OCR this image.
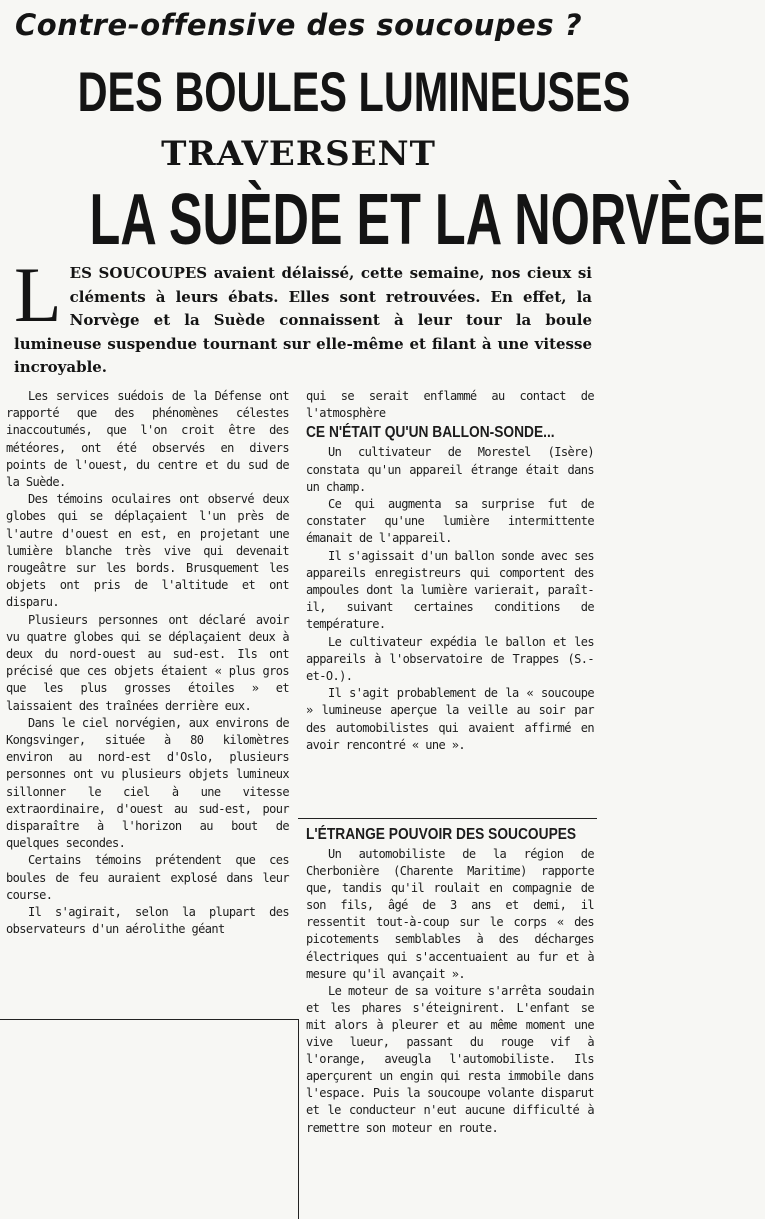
Contre-offensive des soucoupes ?
DES BOULES LUMINEUSES
TRAVERSENT
LA SUÈDE ET LA NORVÈGE
LES SOUCOUPES avaient délaissé, cette semaine, nos cieux si cléments à leurs ébats. Elles sont retrouvées. En effet, la Norvège et la Suède connaissent à leur tour la boule lumineuse suspendue tournant sur elle-même et filant à une vitesse incroyable.

Les services suédois de la Défense ont rapporté que des phénomènes célestes inaccoutumés, que l'on croit être des météores, ont été observés en divers points de l'ouest, du centre et du sud de la Suède.

Des témoins oculaires ont observé deux globes qui se déplaçaient l'un près de l'autre d'ouest en est, en projetant une lumière blanche très vive qui devenait rougeâtre sur les bords. Brusquement les objets ont pris de l'altitude et ont disparu.

Plusieurs personnes ont déclaré avoir vu quatre globes qui se déplaçaient deux à deux du nord-ouest au sud-est. Ils ont précisé que ces objets étaient « plus gros que les plus grosses étoiles » et laissaient des traînées derrière eux.

Dans le ciel norvégien, aux environs de Kongsvinger, située à 80 kilomètres environ au nord-est d'Oslo, plusieurs personnes ont vu plusieurs objets lumineux sillonner le ciel à une vitesse extraordinaire, d'ouest au sud-est, pour disparaître à l'horizon au bout de quelques secondes.

Certains témoins prétendent que ces boules de feu auraient explosé dans leur course.

Il s'agirait, selon la plupart des observateurs d'un aérolithe géant

qui se serait enflammé au contact de l'atmosphère

CE N'ÉTAIT QU'UN BALLON-SONDE...

Un cultivateur de Morestel (Isère) constata qu'un appareil étrange était dans un champ.

Ce qui augmenta sa surprise fut de constater qu'une lumière intermittente émanait de l'appareil.

Il s'agissait d'un ballon sonde avec ses appareils enregistreurs qui comportent des ampoules dont la lumière varierait, paraît-il, suivant certaines conditions de température.

Le cultivateur expédia le ballon et les appareils à l'observatoire de Trappes (S.-et-O.).

Il s'agit probablement de la « soucoupe » lumineuse aperçue la veille au soir par des automobilistes qui avaient affirmé en avoir rencontré « une ».

L'ÉTRANGE POUVOIR DES SOUCOUPES

Un automobiliste de la région de Cherbonière (Charente Maritime) rapporte que, tandis qu'il roulait en compagnie de son fils, âgé de 3 ans et demi, il ressentit tout-à-coup sur le corps « des picotements semblables à des décharges électriques qui s'accentuaient au fur et à mesure qu'il avançait ».

Le moteur de sa voiture s'arrêta soudain et les phares s'éteignirent. L'enfant se mit alors à pleurer et au même moment une vive lueur, passant du rouge vif à l'orange, aveugla l'automobiliste. Ils aperçurent un engin qui resta immobile dans l'espace. Puis la soucoupe volante disparut et le conducteur n'eut aucune difficulté à remettre son moteur en route.
